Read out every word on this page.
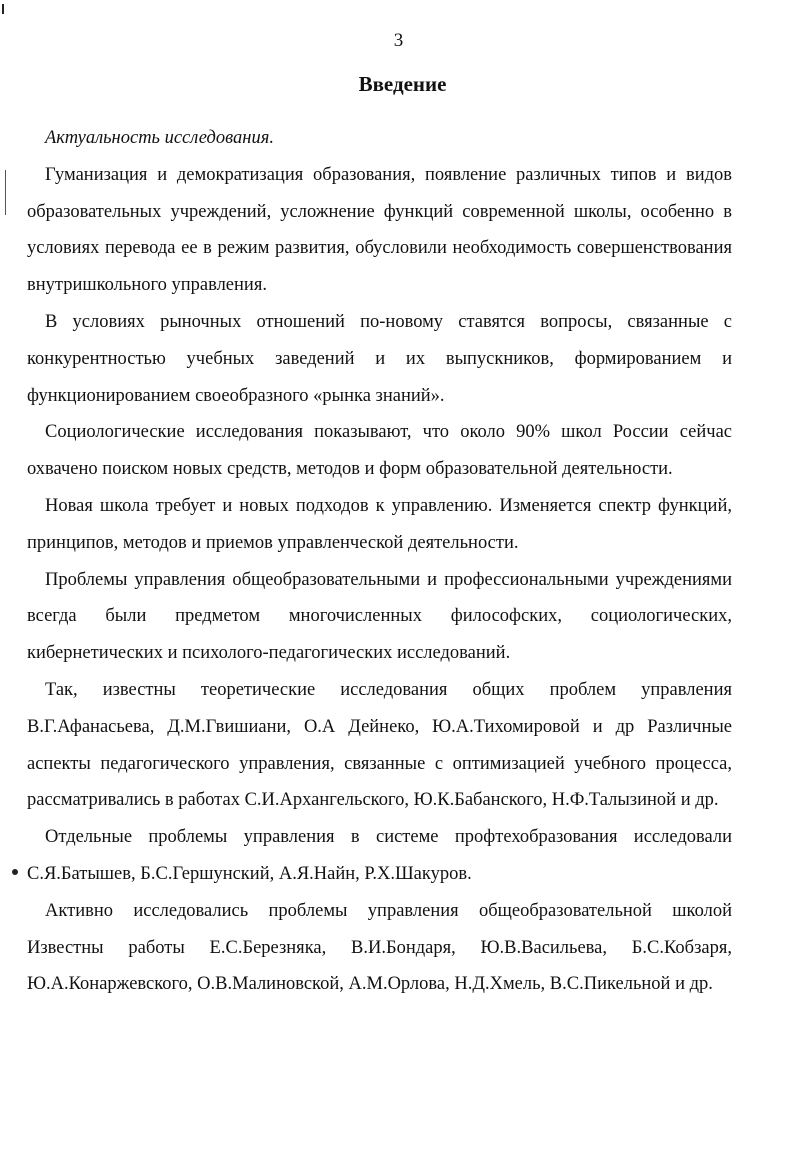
3
Введение

Актуальность исследования.

Гуманизация и демократизация образования, появление различных типов и видов образовательных учреждений, усложнение функций современной школы, особенно в условиях перевода ее в режим развития, обусловили необходимость совершенствования внутришкольного управления.

В условиях рыночных отношений по-новому ставятся вопросы, связанные с конкурентностью учебных заведений и их выпускников, формированием и функционированием своеобразного «рынка знаний».

Социологические исследования показывают, что около 90% школ России сейчас охвачено поиском новых средств, методов и форм образовательной деятельности.

Новая школа требует и новых подходов к управлению. Изменяется спектр функций, принципов, методов и приемов управленческой деятельности.

Проблемы управления общеобразовательными и профессиональными учреждениями всегда были предметом многочисленных философских, социологических, кибернетических и психолого-педагогических исследований.

Так, известны теоретические исследования общих проблем управления В.Г.Афанасьева, Д.М.Гвишиани, О.А Дейнеко, Ю.А.Тихомировой и др Различные аспекты педагогического управления, связанные с оптимизацией учебного процесса, рассматривались в работах С.И.Архангельского, Ю.К.Бабанского, Н.Ф.Талызиной и др.

Отдельные проблемы управления в системе профтехобразования исследовали С.Я.Батышев, Б.С.Гершунский, А.Я.Найн, Р.Х.Шакуров.

Активно исследовались проблемы управления общеобразовательной школой Известны работы Е.С.Березняка, В.И.Бондаря, Ю.В.Васильева, Б.С.Кобзаря, Ю.А.Конаржевского, О.В.Малиновской, А.М.Орлова, Н.Д.Хмель, В.С.Пикельной и др.
